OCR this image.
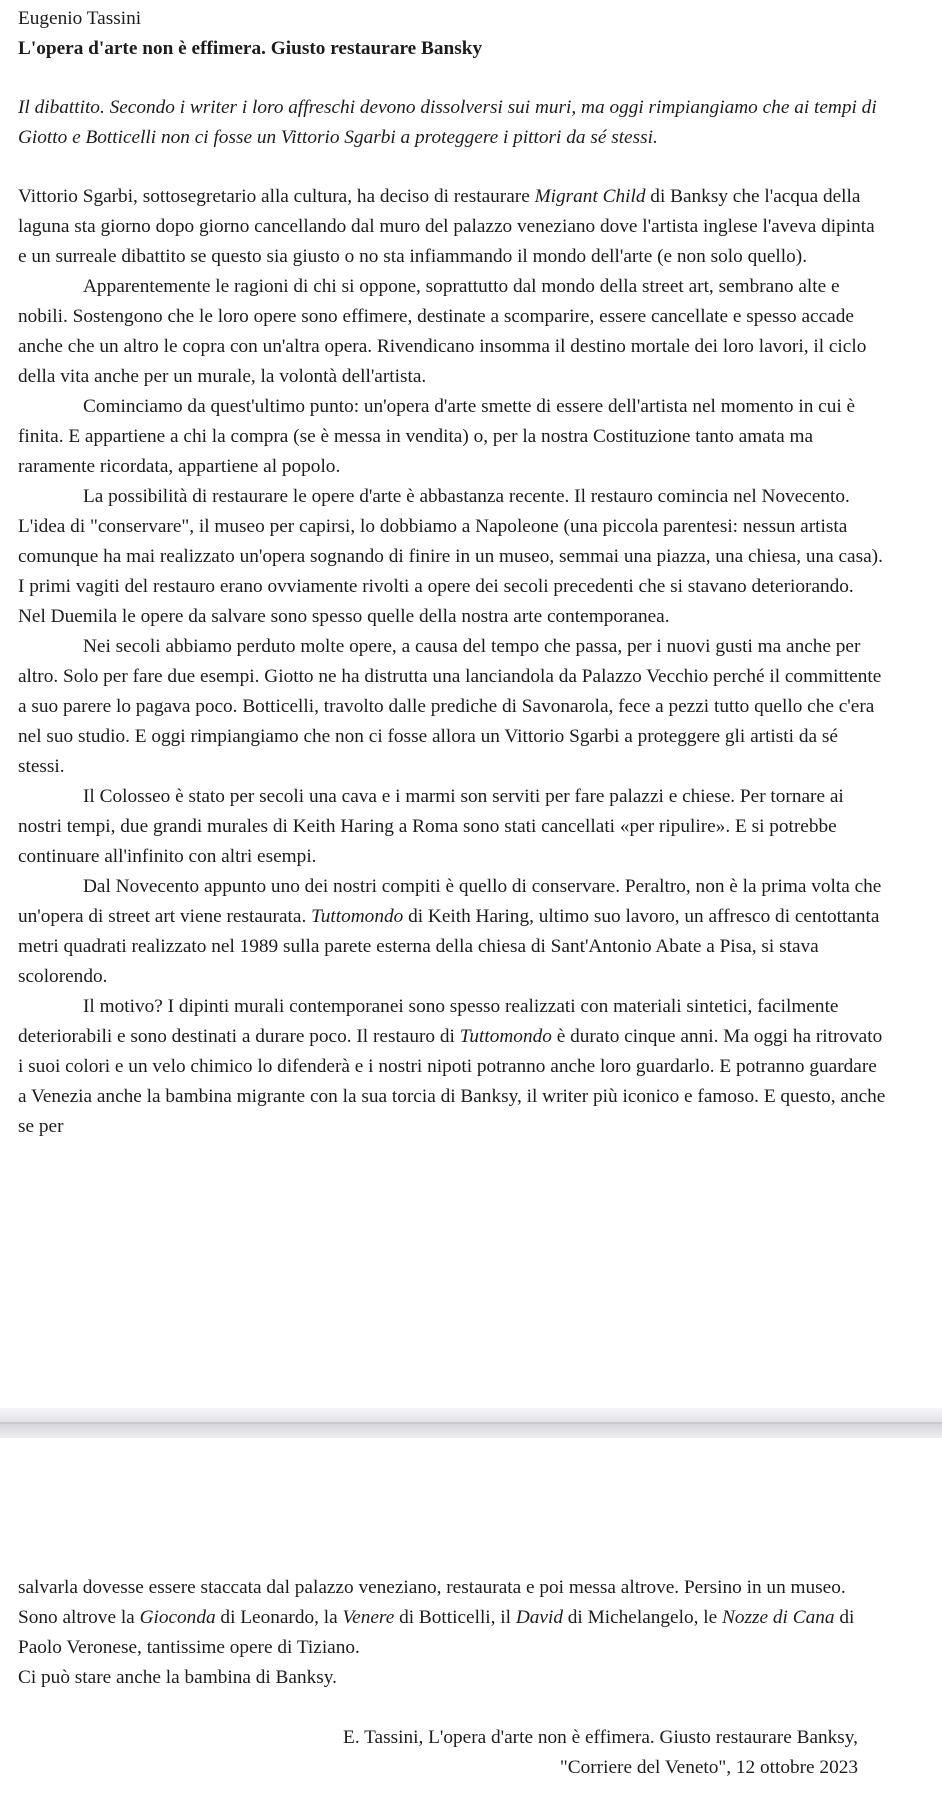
Eugenio Tassini

L'opera d'arte non è effimera. Giusto restaurare Bansky

Il dibattito. Secondo i writer i loro affreschi devono dissolversi sui muri, ma oggi rimpiangiamo che ai tempi di Giotto e Botticelli non ci fosse un Vittorio Sgarbi a proteggere i pittori da sé stessi.

Vittorio Sgarbi, sottosegretario alla cultura, ha deciso di restaurare Migrant Child di Banksy che l'acqua della laguna sta giorno dopo giorno cancellando dal muro del palazzo veneziano dove l'artista inglese l'aveva dipinta e un surreale dibattito se questo sia giusto o no sta infiammando il mondo dell'arte (e non solo quello).

Apparentemente le ragioni di chi si oppone, soprattutto dal mondo della street art, sembrano alte e nobili. Sostengono che le loro opere sono effimere, destinate a scomparire, essere cancellate e spesso accade anche che un altro le copra con un'altra opera. Rivendicano insomma il destino mortale dei loro lavori, il ciclo della vita anche per un murale, la volontà dell'artista.

Cominciamo da quest'ultimo punto: un'opera d'arte smette di essere dell'artista nel momento in cui è finita. E appartiene a chi la compra (se è messa in vendita) o, per la nostra Costituzione tanto amata ma raramente ricordata, appartiene al popolo.

La possibilità di restaurare le opere d'arte è abbastanza recente. Il restauro comincia nel Novecento. L'idea di "conservare", il museo per capirsi, lo dobbiamo a Napoleone (una piccola parentesi: nessun artista comunque ha mai realizzato un'opera sognando di finire in un museo, semmai una piazza, una chiesa, una casa). I primi vagiti del restauro erano ovviamente rivolti a opere dei secoli precedenti che si stavano deteriorando. Nel Duemila le opere da salvare sono spesso quelle della nostra arte contemporanea.

Nei secoli abbiamo perduto molte opere, a causa del tempo che passa, per i nuovi gusti ma anche per altro. Solo per fare due esempi. Giotto ne ha distrutta una lanciandola da Palazzo Vecchio perché il committente a suo parere lo pagava poco. Botticelli, travolto dalle prediche di Savonarola, fece a pezzi tutto quello che c'era nel suo studio. E oggi rimpiangiamo che non ci fosse allora un Vittorio Sgarbi a proteggere gli artisti da sé stessi.

Il Colosseo è stato per secoli una cava e i marmi son serviti per fare palazzi e chiese. Per tornare ai nostri tempi, due grandi murales di Keith Haring a Roma sono stati cancellati «per ripulire». E si potrebbe continuare all'infinito con altri esempi.

Dal Novecento appunto uno dei nostri compiti è quello di conservare. Peraltro, non è la prima volta che un'opera di street art viene restaurata. Tuttomondo di Keith Haring, ultimo suo lavoro, un affresco di centottanta metri quadrati realizzato nel 1989 sulla parete esterna della chiesa di Sant'Antonio Abate a Pisa, si stava scolorendo.

Il motivo? I dipinti murali contemporanei sono spesso realizzati con materiali sintetici, facilmente deteriorabili e sono destinati a durare poco. Il restauro di Tuttomondo è durato cinque anni. Ma oggi ha ritrovato i suoi colori e un velo chimico lo difenderà e i nostri nipoti potranno anche loro guardarlo. E potranno guardare a Venezia anche la bambina migrante con la sua torcia di Banksy, il writer più iconico e famoso. E questo, anche se per

salvarla dovesse essere staccata dal palazzo veneziano, restaurata e poi messa altrove. Persino in un museo. Sono altrove la Gioconda di Leonardo, la Venere di Botticelli, il David di Michelangelo, le Nozze di Cana di Paolo Veronese, tantissime opere di Tiziano.

Ci può stare anche la bambina di Banksy.

E. Tassini, L'opera d'arte non è effimera. Giusto restaurare Banksy,

"Corriere del Veneto", 12 ottobre 2023
